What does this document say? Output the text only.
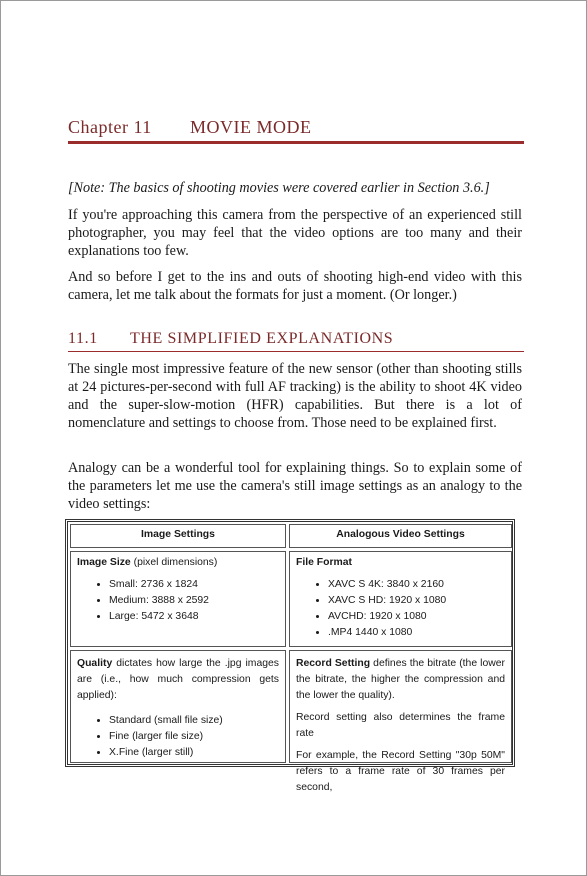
Chapter 11 MOVIE MODE

[Note: The basics of shooting movies were covered earlier in Section 3.6.]

If you're approaching this camera from the perspective of an experienced still photographer, you may feel that the video options are too many and their explanations too few.

And so before I get to the ins and outs of shooting high-end video with this camera, let me talk about the formats for just a moment. (Or longer.)

11.1 THE SIMPLIFIED EXPLANATIONS

The single most impressive feature of the new sensor (other than shooting stills at 24 pictures-per-second with full AF tracking) is the ability to shoot 4K video and the super-slow-motion (HFR) capabilities. But there is a lot of nomenclature and settings to choose from. Those need to be explained first.

Analogy can be a wonderful tool for explaining things. So to explain some of the parameters let me use the camera's still image settings as an analogy to the video settings:

Image Settings	Analogous Video Settings
Image Size (pixel dimensions)
• Small: 2736 x 1824
• Medium: 3888 x 2592
• Large: 5472 x 3648
File Format
• XAVC S 4K: 3840 x 2160
• XAVC S HD: 1920 x 1080
• AVCHD: 1920 x 1080
• .MP4 1440 x 1080
Quality dictates how large the .jpg images are (i.e., how much compression gets applied):
• Standard (small file size)
• Fine (larger file size)
• X.Fine (larger still)
Record Setting defines the bitrate (the lower the bitrate, the higher the compression and the lower the quality).
Record setting also determines the frame rate
For example, the Record Setting "30p 50M" refers to a frame rate of 30 frames per second,
